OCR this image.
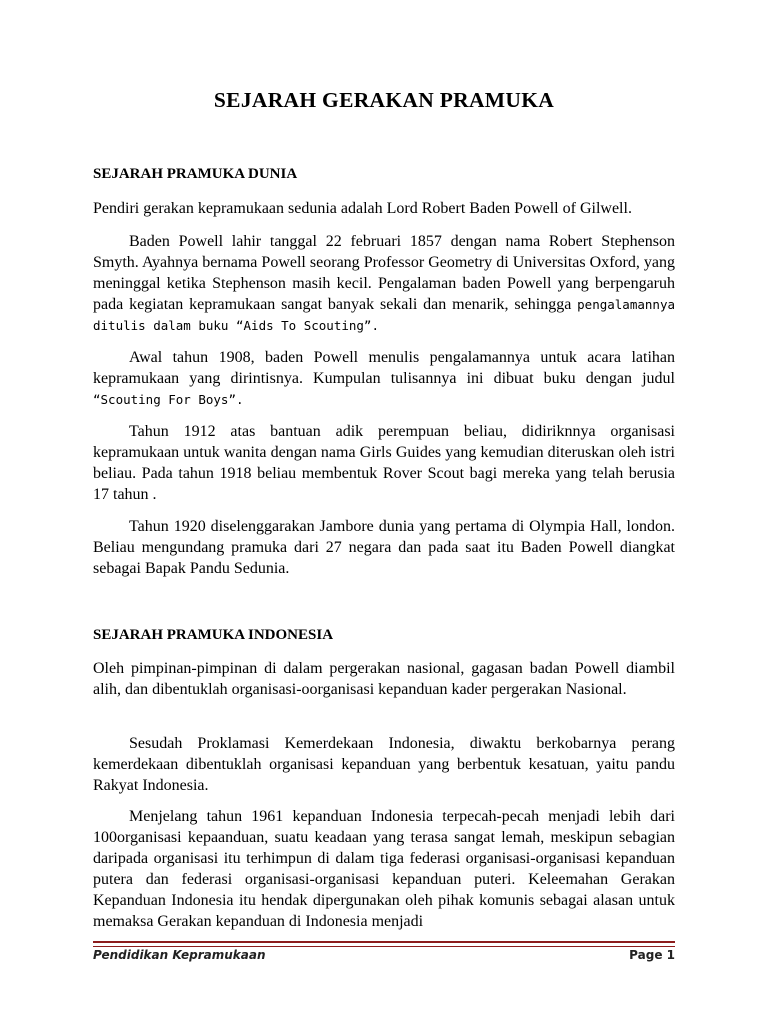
SEJARAH GERAKAN PRAMUKA
SEJARAH PRAMUKA DUNIA

Pendiri gerakan kepramukaan sedunia adalah Lord Robert Baden Powell of Gilwell.

Baden Powell lahir tanggal 22 februari 1857 dengan nama Robert Stephenson Smyth. Ayahnya bernama Powell seorang Professor Geometry di Universitas Oxford, yang meninggal ketika Stephenson masih kecil. Pengalaman baden Powell yang berpengaruh pada kegiatan kepramukaan sangat banyak sekali dan menarik, sehingga pengalamannya ditulis dalam buku “Aids To Scouting”.

Awal tahun 1908, baden Powell menulis pengalamannya untuk acara latihan kepramukaan yang dirintisnya. Kumpulan tulisannya ini dibuat buku dengan judul “Scouting For Boys”.

Tahun 1912 atas bantuan adik perempuan beliau, didiriknnya organisasi kepramukaan untuk wanita dengan nama Girls Guides yang kemudian diteruskan oleh istri beliau. Pada tahun 1918 beliau membentuk Rover Scout bagi mereka yang telah berusia 17 tahun .

Tahun 1920 diselenggarakan Jambore dunia yang pertama di Olympia Hall, london. Beliau mengundang pramuka dari 27 negara dan pada saat itu Baden Powell diangkat sebagai Bapak Pandu Sedunia.

SEJARAH PRAMUKA INDONESIA

Oleh pimpinan-pimpinan di dalam pergerakan nasional, gagasan badan Powell diambil alih, dan dibentuklah organisasi-oorganisasi kepanduan kader pergerakan Nasional.

Sesudah Proklamasi Kemerdekaan Indonesia, diwaktu berkobarnya perang kemerdekaan dibentuklah organisasi kepanduan yang berbentuk kesatuan, yaitu pandu Rakyat Indonesia.

Menjelang tahun 1961 kepanduan Indonesia terpecah-pecah menjadi lebih dari 100organisasi kepaanduan, suatu keadaan yang terasa sangat lemah, meskipun sebagian daripada organisasi itu terhimpun di dalam tiga federasi organisasi-organisasi kepanduan putera dan federasi organisasi-organisasi kepanduan puteri. Keleemahan Gerakan Kepanduan Indonesia itu hendak dipergunakan oleh pihak komunis sebagai alasan untuk memaksa Gerakan kepanduan di Indonesia menjadi

Pendidikan Kepramukaan	Page 1
